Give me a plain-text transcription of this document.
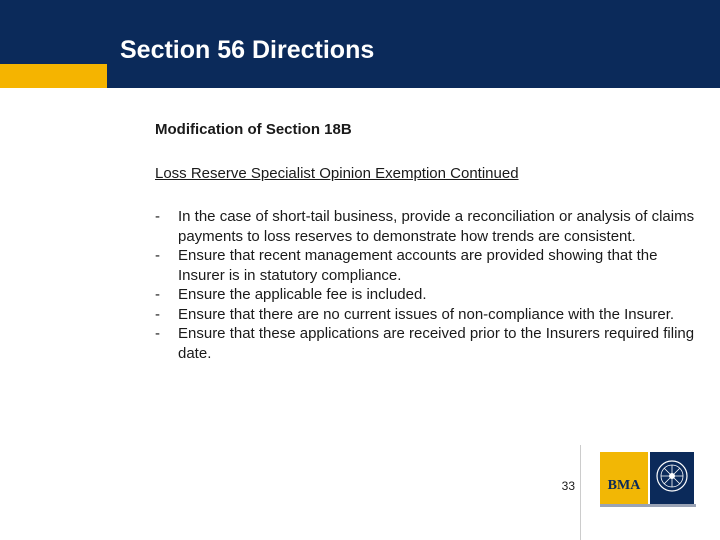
Section 56 Directions
Modification of Section 18B
Loss Reserve Specialist Opinion Exemption Continued
-	In the case of short-tail business, provide a reconciliation or analysis of claims payments to loss reserves to demonstrate how trends are consistent.
-	Ensure that recent management accounts are provided showing that the Insurer is in statutory compliance.
-	Ensure the applicable fee is included.
-	Ensure that there are no current issues of non-compliance with the Insurer.
-	Ensure that these applications are received prior to the Insurers required filing date.
33	BMA
